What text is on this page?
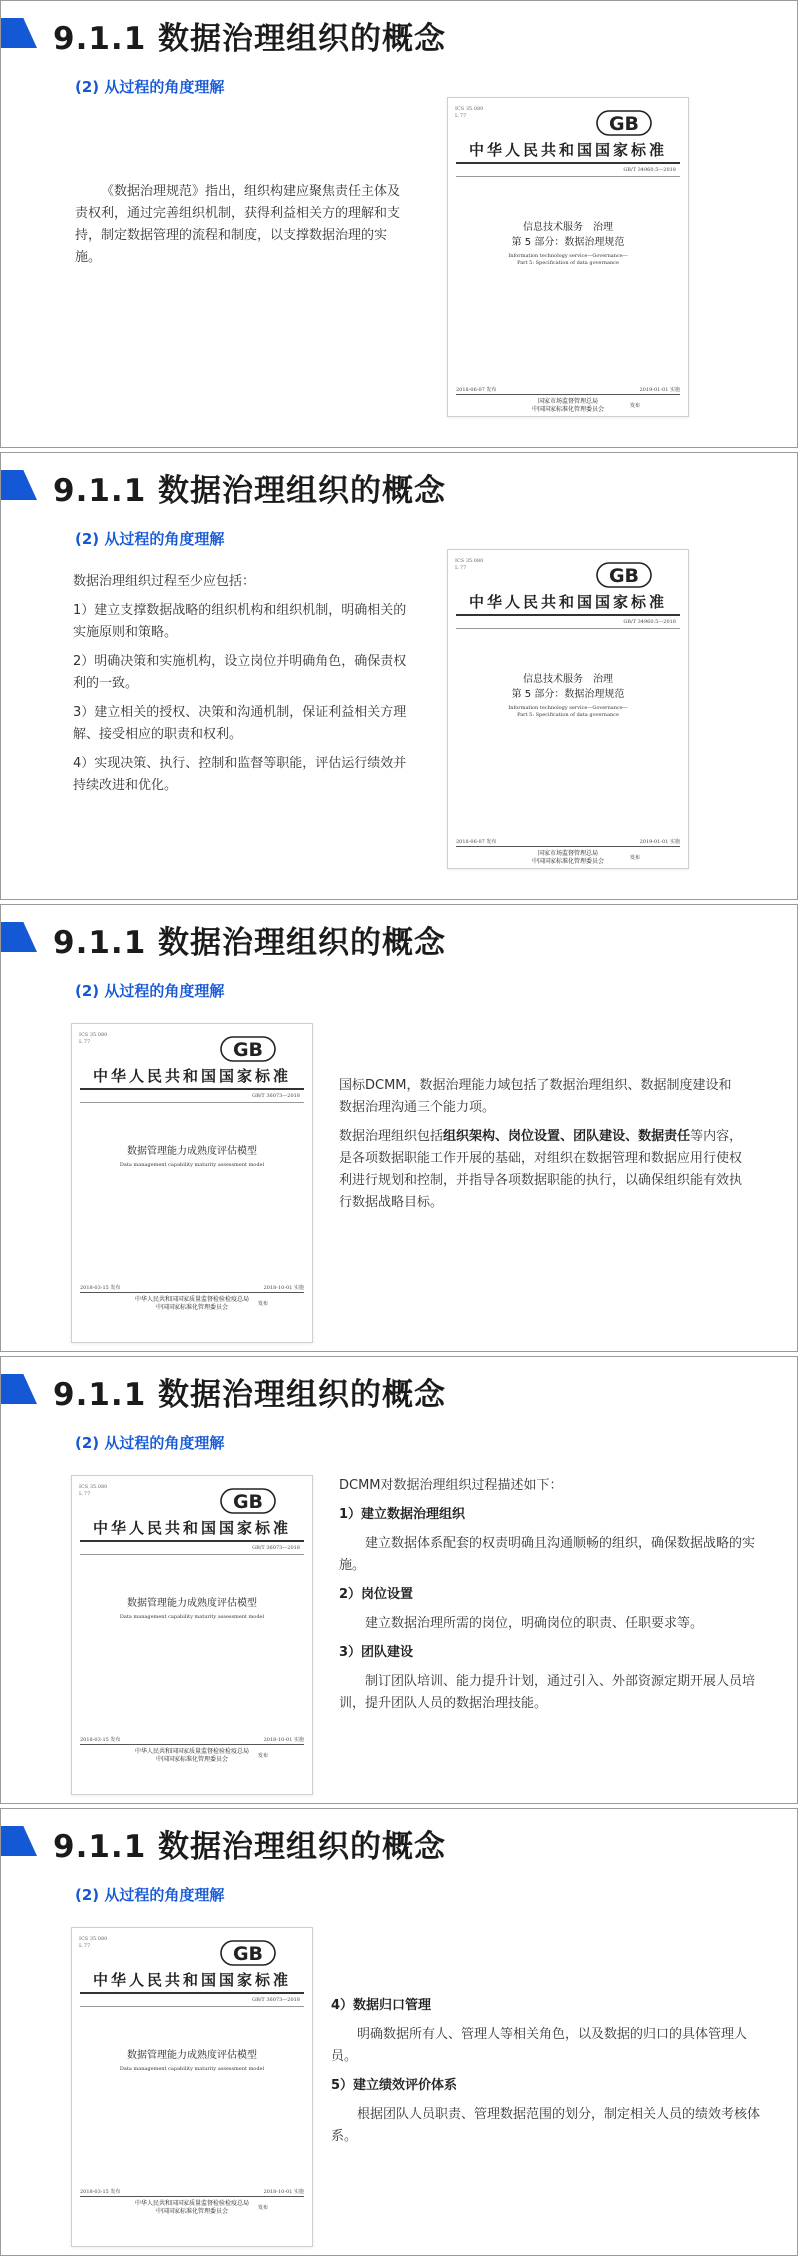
9.1.1 数据治理组织的概念
(2) 从过程的角度理解
《数据治理规范》指出，组织构建应聚焦责任主体及责权利，通过完善组织机制，获得利益相关方的理解和支持，制定数据管理的流程和制度，以支撑数据治理的实施。
ICS 35.080
L 77	GB
中华人民共和国国家标准
GB/T 34960.5—2018
信息技术服务　治理
第 5 部分：数据治理规范
Information technology service—Governance—
Part 5: Specification of data governance
2018-06-07 发布	2019-01-01 实施
国家市场监督管理总局
中国国家标准化管理委员会	发布
9.1.1 数据治理组织的概念
(2) 从过程的角度理解

数据治理组织过程至少应包括：

1）建立支撑数据战略的组织机构和组织机制，明确相关的实施原则和策略。

2）明确决策和实施机构，设立岗位并明确角色，确保责权利的一致。

3）建立相关的授权、决策和沟通机制，保证利益相关方理解、接受相应的职责和权利。

4）实现决策、执行、控制和监督等职能，评估运行绩效并持续改进和优化。

ICS 35.080
L 77	GB
中华人民共和国国家标准
GB/T 34960.5—2018
信息技术服务　治理
第 5 部分：数据治理规范
Information technology service—Governance—
Part 5: Specification of data governance
2018-06-07 发布	2019-01-01 实施
国家市场监督管理总局
中国国家标准化管理委员会	发布
9.1.1 数据治理组织的概念
(2) 从过程的角度理解
ICS 35.080
L 77	GB
中华人民共和国国家标准
GB/T 36073—2018
数据管理能力成熟度评估模型
Data management capability maturity assessment model
2018-03-15 发布	2018-10-01 实施
中华人民共和国国家质量监督检验检疫总局
中国国家标准化管理委员会	发布

国标DCMM，数据治理能力域包括了数据治理组织、数据制度建设和数据治理沟通三个能力项。

数据治理组织包括组织架构、岗位设置、团队建设、数据责任等内容，是各项数据职能工作开展的基础，对组织在数据管理和数据应用行使权利进行规划和控制，并指导各项数据职能的执行，以确保组织能有效执行数据战略目标。

9.1.1 数据治理组织的概念
(2) 从过程的角度理解
ICS 35.080
L 77	GB
中华人民共和国国家标准
GB/T 36073—2018
数据管理能力成熟度评估模型
Data management capability maturity assessment model
2018-03-15 发布	2018-10-01 实施
中华人民共和国国家质量监督检验检疫总局
中国国家标准化管理委员会	发布

DCMM对数据治理组织过程描述如下：

1）建立数据治理组织

建立数据体系配套的权责明确且沟通顺畅的组织，确保数据战略的实施。

2）岗位设置

建立数据治理所需的岗位，明确岗位的职责、任职要求等。

3）团队建设

制订团队培训、能力提升计划，通过引入、外部资源定期开展人员培训，提升团队人员的数据治理技能。

9.1.1 数据治理组织的概念
(2) 从过程的角度理解
ICS 35.080
L 77	GB
中华人民共和国国家标准
GB/T 36073—2018
数据管理能力成熟度评估模型
Data management capability maturity assessment model
2018-03-15 发布	2018-10-01 实施
中华人民共和国国家质量监督检验检疫总局
中国国家标准化管理委员会	发布

4）数据归口管理

明确数据所有人、管理人等相关角色，以及数据的归口的具体管理人员。

5）建立绩效评价体系

根据团队人员职责、管理数据范围的划分，制定相关人员的绩效考核体系。
